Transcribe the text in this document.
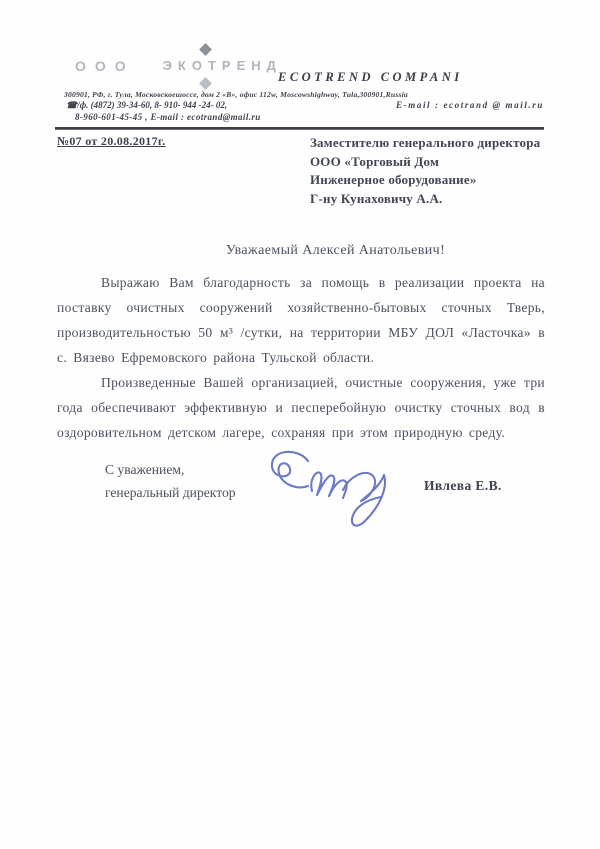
ООО	ЭКОТРЕНД
ECOTREND COMPANI
300901, РФ, г. Тула, Московскоешоссе, дом 2 «В», офис 112w, Moscowshighway, Tula,300901,Russia
☎/ф. (4872) 39-34-60, 8- 910- 944 -24- 02,	E-mail : ecotrand @ mail.ru
8-960-601-45-45 , E-mail : ecotrand@mail.ru
№07 от 20.08.2017г.	Заместителю генерального директора
ООО «Торговый Дом
Инженерное оборудование»
Г-ну Кунаховичу А.А.
Уважаемый Алексей Анатольевич!

Выражаю Вам благодарность за помощь в реализации проекта на поставку очистных сооружений хозяйственно-бытовых сточных Тверь, производительностью 50 м³ /сутки, на территории МБУ ДОЛ «Ласточка» в с. Вязево Ефремовского района Тульской области.

Произведенные Вашей организацией, очистные сооружения, уже три года обеспечивают эффективную и песперебойную очистку сточных вод в оздоровительном детском лагере, сохраняя при этом природную среду.

С уважением,
генеральный директор	Ивлева Е.В.
